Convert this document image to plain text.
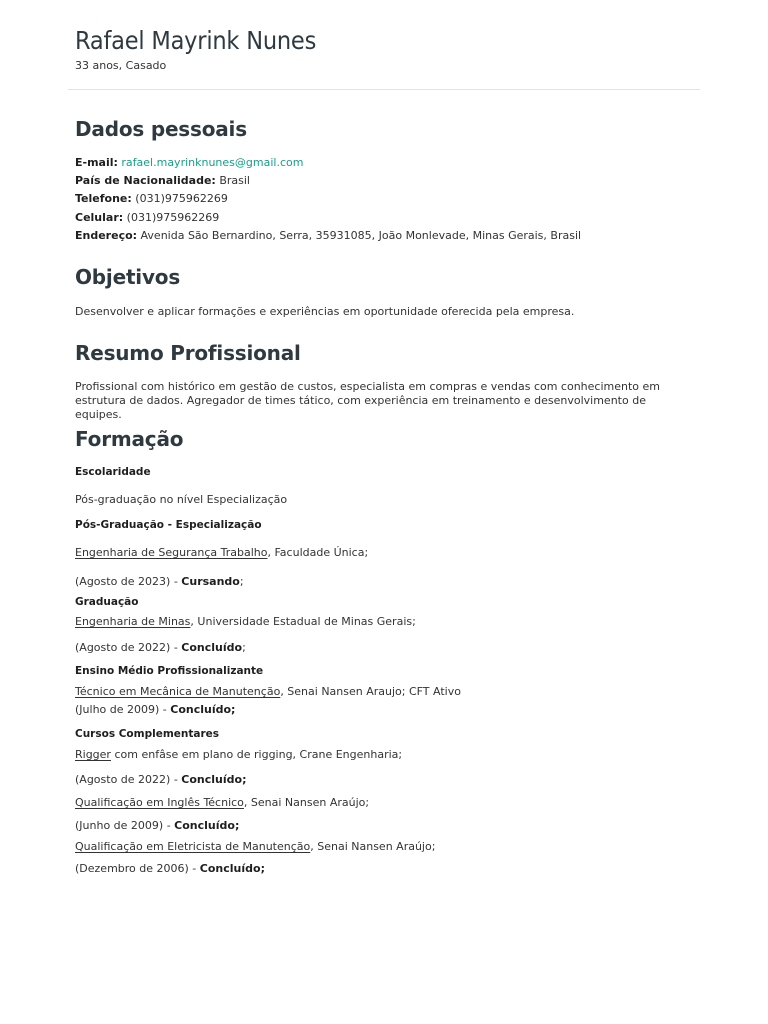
Rafael Mayrink Nunes
33 anos, Casado
Dados pessoais
E-mail: rafael.mayrinknunes@gmail.com
País de Nacionalidade: Brasil
Telefone: (031)975962269
Celular: (031)975962269
Endereço: Avenida São Bernardino, Serra, 35931085, João Monlevade, Minas Gerais, Brasil
Objetivos
Desenvolver e aplicar formações e experiências em oportunidade oferecida pela empresa.
Resumo Profissional
Profissional com histórico em gestão de custos, especialista em compras e vendas com conhecimento em estrutura de dados. Agregador de times tático, com experiência em treinamento e desenvolvimento de equipes.
Formação
Escolaridade
Pós-graduação no nível Especialização
Pós-Graduação - Especialização
Engenharia de Segurança Trabalho, Faculdade Única;
(Agosto de 2023) - Cursando;
Graduação
Engenharia de Minas, Universidade Estadual de Minas Gerais;
(Agosto de 2022) - Concluído;
Ensino Médio Profissionalizante
Técnico em Mecânica de Manutenção, Senai Nansen Araujo; CFT Ativo
(Julho de 2009) - Concluído;
Cursos Complementares
Rigger com enfâse em plano de rigging, Crane Engenharia;
(Agosto de 2022) - Concluído;
Qualificação em Inglês Técnico, Senai Nansen Araújo;
(Junho de 2009) - Concluído;
Qualificação em Eletricista de Manutenção, Senai Nansen Araújo;
(Dezembro de 2006) - Concluído;
